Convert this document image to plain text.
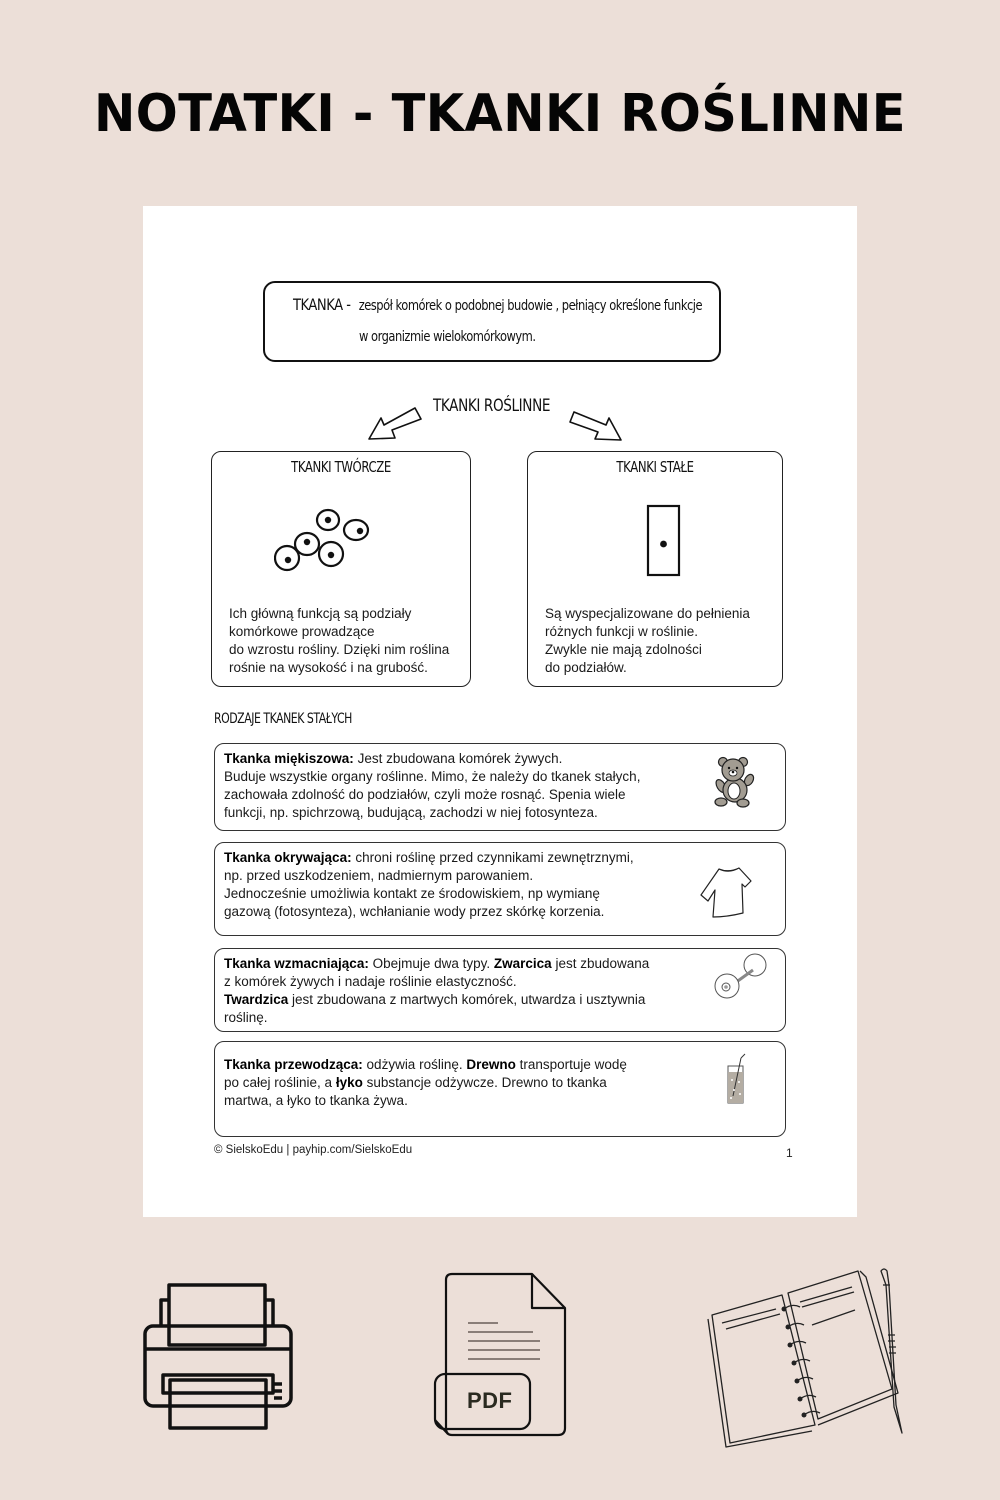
NOTATKI - TKANKI ROŚLINNE
TKANKA - zespół komórek o podobnej budowie , pełniący określone funkcje
w organizmie wielokomórkowym.
TKANKI ROŚLINNE
TKANKI TWÓRCZE
Ich główną funkcją są podziały
komórkowe prowadzące
do wzrostu rośliny. Dzięki nim roślina
rośnie na wysokość i na grubość.
TKANKI STAŁE
Są wyspecjalizowane do pełnienia
różnych funkcji w roślinie.
Zwykle nie mają zdolności
do podziałów.
RODZAJE TKANEK STAŁYCH
Tkanka miękiszowa: Jest zbudowana komórek żywych.
Buduje wszystkie organy roślinne. Mimo, że należy do tkanek stałych,
zachowała zdolność do podziałów, czyli może rosnąć. Spenia wiele
funkcji, np. spichrzową, budującą, zachodzi w niej fotosynteza.
Tkanka okrywająca: chroni roślinę przed czynnikami zewnętrznymi,
np. przed uszkodzeniem, nadmiernym parowaniem.
Jednocześnie umożliwia kontakt ze środowiskiem, np wymianę
gazową (fotosynteza), wchłanianie wody przez skórkę korzenia.
Tkanka wzmacniająca: Obejmuje dwa typy. Zwarcica jest zbudowana
z komórek żywych i nadaje roślinie elastyczność.
Twardzica jest zbudowana z martwych komórek, utwardza i usztywnia
roślinę.
Tkanka przewodząca: odżywia roślinę. Drewno transportuje wodę
po całej roślinie, a łyko substancje odżywcze. Drewno to tkanka
martwa, a łyko to tkanka żywa.
© SielskoEdu | payhip.com/SielskoEdu	1
PDF
